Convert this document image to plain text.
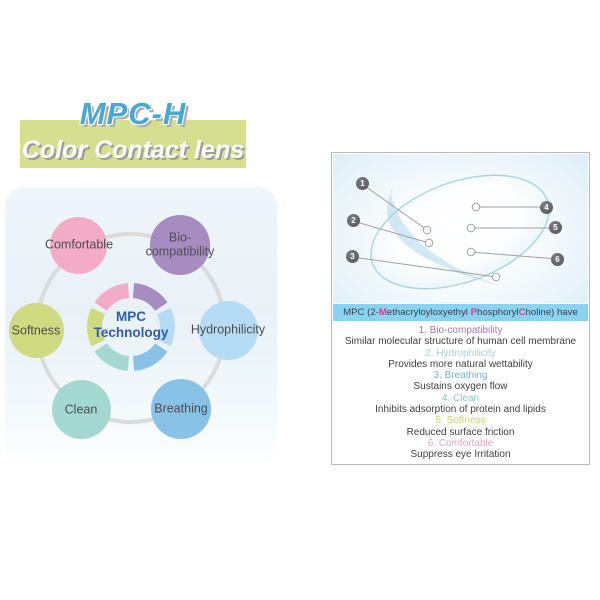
MPC-H
Color Contact lens
Comfortable	Bio-compatibility
Softness	Hydrophilicity
Clean	Breathing
MPC
Technology
1
2
3
4
5
6
MPC (2-Methacryloyloxyethyl PhosphorylCholine) have
1. Bio-compatibility
Similar molecular structure of human cell membrane
2. Hydrophilicity
Provides more natural wettability
3. Breathing
Sustains oxygen flow
4. Clean
Inhibits adsorption of protein and lipids
5. Softness
Reduced surface friction
6. Comfortable
Suppress eye Irritation
